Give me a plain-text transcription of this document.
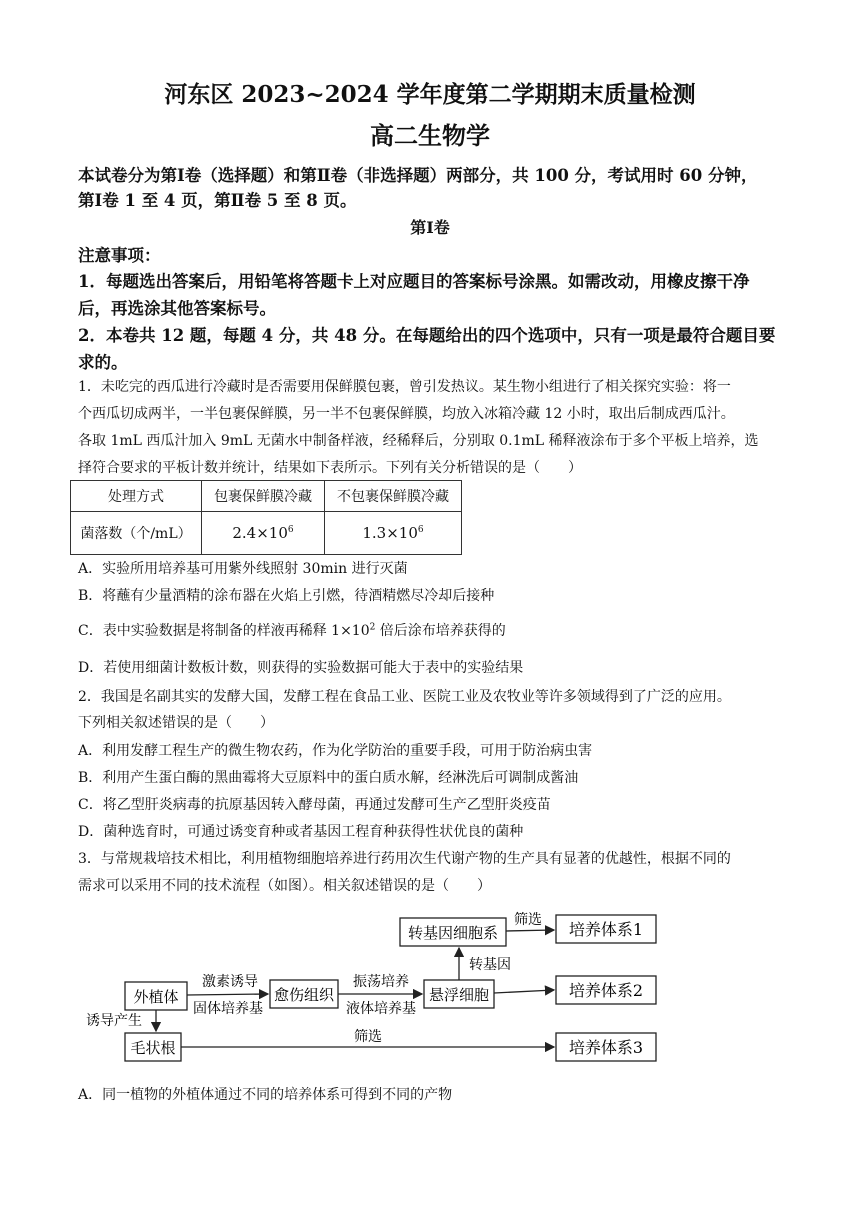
河东区 2023~2024 学年度第二学期期末质量检测
高二生物学
本试卷分为第Ⅰ卷（选择题）和第Ⅱ卷（非选择题）两部分，共 100 分，考试用时 60 分钟，
第Ⅰ卷 1 至 4 页，第Ⅱ卷 5 至 8 页。
第Ⅰ卷
注意事项：
1．每题选出答案后，用铅笔将答题卡上对应题目的答案标号涂黑。如需改动，用橡皮擦干净
后，再选涂其他答案标号。
2．本卷共 12 题，每题 4 分，共 48 分。在每题给出的四个选项中，只有一项是最符合题目要
求的。
1．未吃完的西瓜进行冷藏时是否需要用保鲜膜包裹，曾引发热议。某生物小组进行了相关探究实验：将一
个西瓜切成两半，一半包裹保鲜膜，另一半不包裹保鲜膜，均放入冰箱冷藏 12 小时，取出后制成西瓜汁。
各取 1mL 西瓜汁加入 9mL 无菌水中制备样液，经稀释后，分别取 0.1mL 稀释液涂布于多个平板上培养，选
择符合要求的平板计数并统计，结果如下表所示。下列有关分析错误的是（　　）
处理方式	包裹保鲜膜冷藏	不包裹保鲜膜冷藏
菌落数（个/mL）	$2.4\times 10^6$	$1.3\times 10^6$
A．实验所用培养基可用紫外线照射 30min 进行灭菌
B．将蘸有少量酒精的涂布器在火焰上引燃，待酒精燃尽冷却后接种
C．表中实验数据是将制备的样液再稀释 $1\times 10^2$ 倍后涂布培养获得的
D．若使用细菌计数板计数，则获得的实验数据可能大于表中的实验结果
2．我国是名副其实的发酵大国，发酵工程在食品工业、医院工业及农牧业等许多领域得到了广泛的应用。
下列相关叙述错误的是（　　）
A．利用发酵工程生产的微生物农药，作为化学防治的重要手段，可用于防治病虫害
B．利用产生蛋白酶的黑曲霉将大豆原料中的蛋白质水解，经淋洗后可调制成酱油
C．将乙型肝炎病毒的抗原基因转入酵母菌，再通过发酵可生产乙型肝炎疫苗
D．菌种选育时，可通过诱变育种或者基因工程育种获得性状优良的菌种
3．与常规栽培技术相比，利用植物细胞培养进行药用次生代谢产物的生产具有显著的优越性，根据不同的
需求可以采用不同的技术流程（如图）。相关叙述错误的是（　　）
外植体	愈伤组织	悬浮细胞
转基因细胞系
毛状根
培养体系1
培养体系2
培养体系3
激素诱导
固体培养基
振荡培养
液体培养基
转基因
筛选
诱导产生
筛选
A．同一植物的外植体通过不同的培养体系可得到不同的产物
